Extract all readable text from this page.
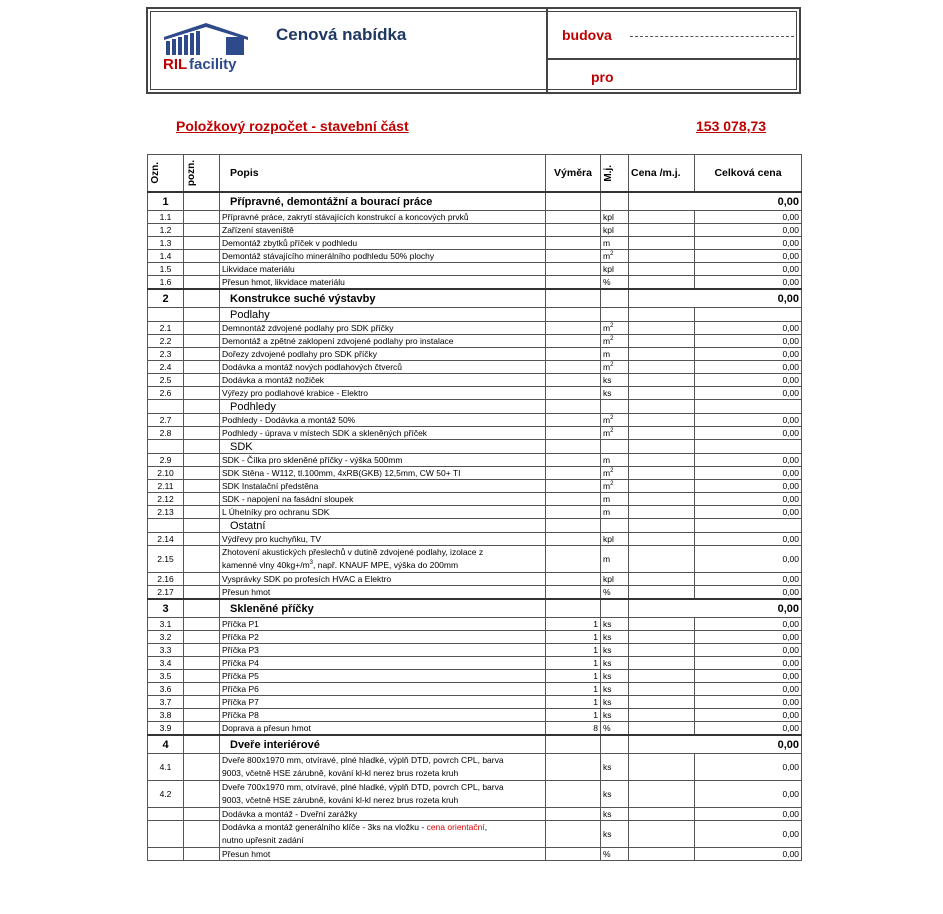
RIL facility
Cenová nabídka	budova
pro
Položkový rozpočet - stavební část	153 078,73
Ozn.	pozn.	Popis	Výměra	M.j.	Cena /m.j.	Celková cena
1		Přípravné, demontážní a bourací práce			0,00	
1.1		Přípravné práce, zakrytí stávajících konstrukcí a koncových prvků		kpl		0,00
1.2		Zařízení staveniště		kpl		0,00
1.3		Demontáž zbytků příček v podhledu		m		0,00
1.4		Demontáž stávajícího minerálního podhledu 50% plochy		$m^2$		0,00
1.5		Likvidace materiálu		kpl		0,00
1.6		Přesun hmot, likvidace materiálu		%		0,00
2		Konstrukce suché výstavby			0,00	
		Podlahy				
2.1		Demnontáž zdvojené podlahy pro SDK příčky		$m^2$		0,00
2.2		Demontáž a zpětné zaklopení zdvojené podlahy pro instalace		$m^2$		0,00
2.3		Dořezy zdvojené podlahy pro SDK příčky		m		0,00
2.4		Dodávka a montáž nových podlahových čtverců		$m^2$		0,00
2.5		Dodávka a montáž nožiček		ks		0,00
2.6		Výřezy pro podlahové krabice - Elektro		ks		0,00
		Podhledy				
2.7		Podhledy - Dodávka a montáž 50%		$m^2$		0,00
2.8		Podhledy - úprava v místech SDK a skleněných příček		$m^2$		0,00
		SDK				
2.9		SDK - Čílka pro skleněné příčky - výška 500mm		m		0,00
2.10		SDK Stěna - W112, tl.100mm, 4xRB(GKB) 12,5mm, CW 50+ TI		$m^2$		0,00
2.11		SDK Instalační předstěna		$m^2$		0,00
2.12		SDK - napojení na fasádní sloupek		m		0,00
2.13		L Úhelníky pro ochranu SDK		m		0,00
		Ostatní				
2.14		Výdřevy pro kuchyňku, TV		kpl		0,00
2.15		Zhotovení akustických přeslechů v dutině zdvojené podlahy, izolace z
kamenné vlny $40kg+/m^3$, např. KNAUF MPE, výška do 200mm		m		0,00
2.16		Vysprávky SDK po profesích HVAC a Elektro		kpl		0,00
2.17		Přesun hmot		%		0,00
3		Skleněné příčky			0,00	
3.1		Příčka P1	1	ks		0,00
3.2		Příčka P2	1	ks		0,00
3.3		Příčka P3	1	ks		0,00
3.4		Příčka P4	1	ks		0,00
3.5		Příčka P5	1	ks		0,00
3.6		Příčka P6	1	ks		0,00
3.7		Příčka P7	1	ks		0,00
3.8		Příčka P8	1	ks		0,00
3.9		Doprava a přesun hmot	8	%		0,00
4		Dveře interiérové			0,00	
4.1		Dveře 800x1970 mm, otvíravé, plné hladké, výplň DTD, povrch CPL, barva
9003, včetně HSE zárubně, kování kl-kl nerez brus rozeta kruh		ks		0,00
4.2		Dveře 700x1970 mm, otvíravé, plné hladké, výplň DTD, povrch CPL, barva
9003, včetně HSE zárubně, kování kl-kl nerez brus rozeta kruh		ks		0,00
		Dodávka a montáž - Dveřní zarážky		ks		0,00

		Dodávka a montáž generálního klíče - 3ks na vložku - cena orientační,
nutno upřesnit zadání		ks		0,00
		Přesun hmot		%		0,00
